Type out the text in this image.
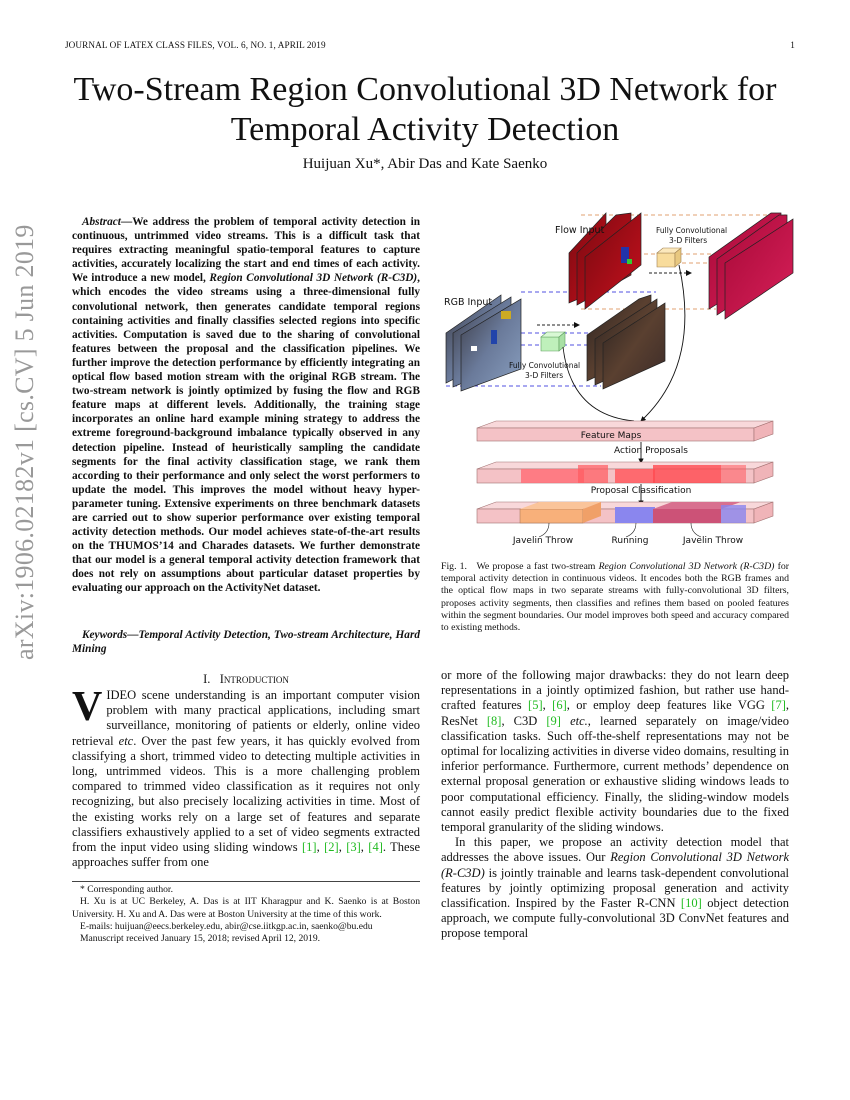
JOURNAL OF LATEX CLASS FILES, VOL. 6, NO. 1, APRIL 2019	1
Two-Stream Region Convolutional 3D Network for
Temporal Activity Detection
Huijuan Xu*, Abir Das and Kate Saenko
arXiv:1906.02182v1 [cs.CV] 5 Jun 2019
Abstract—We address the problem of temporal activity detection in continuous, untrimmed video streams. This is a difficult task that requires extracting meaningful spatio-temporal features to capture activities, accurately localizing the start and end times of each activity. We introduce a new model, Region Convolutional 3D Network (R-C3D), which encodes the video streams using a three-dimensional fully convolutional network, then generates candidate temporal regions containing activities and finally classifies selected regions into specific activities. Computation is saved due to the sharing of convolutional features between the proposal and the classification pipelines. We further improve the detection performance by efficiently integrating an optical flow based motion stream with the original RGB stream. The two-stream network is jointly optimized by fusing the flow and RGB feature maps at different levels. Additionally, the training stage incorporates an online hard example mining strategy to address the extreme foreground-background imbalance typically observed in any detection pipeline. Instead of heuristically sampling the candidate segments for the final activity classification stage, we rank them according to their performance and only select the worst performers to update the model. This improves the model without heavy hyper-parameter tuning. Extensive experiments on three benchmark datasets are carried out to show superior performance over existing temporal activity detection methods. Our model achieves state-of-the-art results on the THUMOS’14 and Charades datasets. We further demonstrate that our model is a general temporal activity detection framework that does not rely on assumptions about particular dataset properties by evaluating our approach on the ActivityNet dataset.
Keywords—Temporal Activity Detection, Two-stream Architecture, Hard Mining
I. Introduction
VIDEO scene understanding is an important computer vision problem with many practical applications, including smart surveillance, monitoring of patients or elderly, online video retrieval etc. Over the past few years, it has quickly evolved from classifying a short, trimmed video to detecting multiple activities in long, untrimmed videos. This is a more challenging problem compared to trimmed video classification as it requires not only recognizing, but also precisely localizing activities in time. Most of the existing works rely on a large set of features and separate classifiers exhaustively applied to a set of video segments extracted from the input video using sliding windows [1], [2], [3], [4]. These approaches suffer from one

* Corresponding author.

H. Xu is at UC Berkeley, A. Das is at IIT Kharagpur and K. Saenko is at Boston University. H. Xu and A. Das were at Boston University at the time of this work.

E-mails: huijuan@eecs.berkeley.edu, abir@cse.iitkgp.ac.in, saenko@bu.edu

Manuscript received January 15, 2018; revised April 12, 2019.

Flow Input	Fully Convolutional
3-D Filters
RGB Input
Fully Convolutional
3-D Filters
Feature Maps
Action Proposals
Proposal Classification
Javelin Throw	Running	Javelin Throw
Fig. 1. We propose a fast two-stream Region Convolutional 3D Network (R-C3D) for temporal activity detection in continuous videos. It encodes both the RGB frames and the optical flow maps in two separate streams with fully-convolutional 3D filters, proposes activity segments, then classifies and refines them based on pooled features within the segment boundaries. Our model improves both speed and accuracy compared to existing methods.

or more of the following major drawbacks: they do not learn deep representations in a jointly optimized fashion, but rather use hand-crafted features [5], [6], or employ deep features like VGG [7], ResNet [8], C3D [9] etc., learned separately on image/video classification tasks. Such off-the-shelf representations may not be optimal for localizing activities in diverse video domains, resulting in inferior performance. Furthermore, current methods’ dependence on external proposal generation or exhaustive sliding windows leads to poor computational efficiency. Finally, the sliding-window models cannot easily predict flexible activity boundaries due to the fixed temporal granularity of the sliding windows.

In this paper, we propose an activity detection model that addresses the above issues. Our Region Convolutional 3D Network (R-C3D) is jointly trainable and learns task-dependent convolutional features by jointly optimizing proposal generation and activity classification. Inspired by the Faster R-CNN [10] object detection approach, we compute fully-convolutional 3D ConvNet features and propose temporal
